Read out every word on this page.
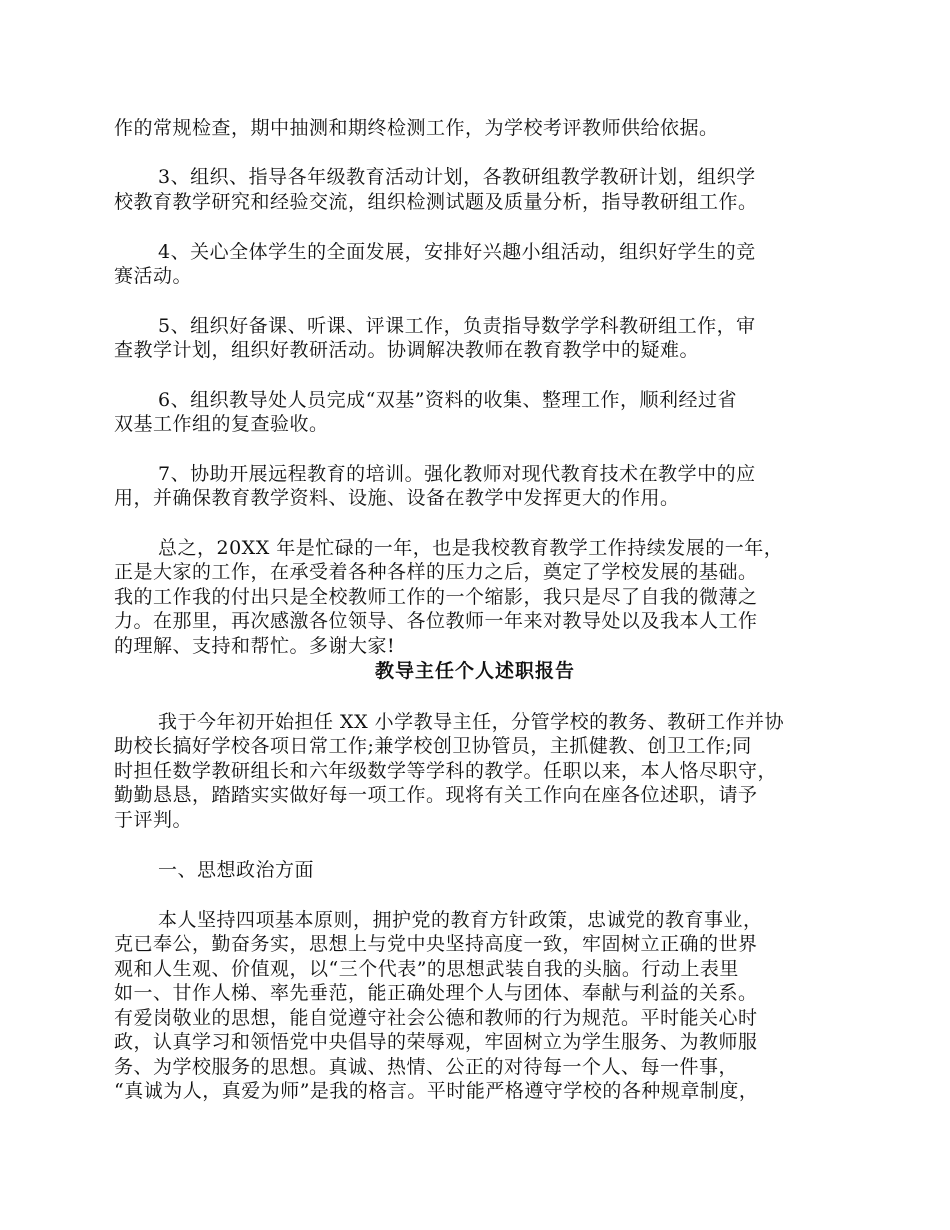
作的常规检查，期中抽测和期终检测工作，为学校考评教师供给依据。
3、组织、指导各年级教育活动计划，各教研组教学教研计划，组织学
校教育教学研究和经验交流，组织检测试题及质量分析，指导教研组工作。
4、关心全体学生的全面发展，安排好兴趣小组活动，组织好学生的竞
赛活动。
5、组织好备课、听课、评课工作，负责指导数学学科教研组工作，审
查教学计划，组织好教研活动。协调解决教师在教育教学中的疑难。
6、组织教导处人员完成“双基”资料的收集、整理工作，顺利经过省
双基工作组的复查验收。
7、协助开展远程教育的培训。强化教师对现代教育技术在教学中的应
用，并确保教育教学资料、设施、设备在教学中发挥更大的作用。
总之，20XX 年是忙碌的一年，也是我校教育教学工作持续发展的一年，
正是大家的工作，在承受着各种各样的压力之后，奠定了学校发展的基础。
我的工作我的付出只是全校教师工作的一个缩影，我只是尽了自我的微薄之
力。在那里，再次感激各位领导、各位教师一年来对教导处以及我本人工作
的理解、支持和帮忙。多谢大家!
教导主任个人述职报告
我于今年初开始担任 XX 小学教导主任，分管学校的教务、教研工作并协
助校长搞好学校各项日常工作;兼学校创卫协管员，主抓健教、创卫工作;同
时担任数学教研组长和六年级数学等学科的教学。任职以来，本人恪尽职守，
勤勤恳恳，踏踏实实做好每一项工作。现将有关工作向在座各位述职，请予
于评判。
一、思想政治方面
本人坚持四项基本原则，拥护党的教育方针政策，忠诚党的教育事业，
克已奉公，勤奋务实，思想上与党中央坚持高度一致，牢固树立正确的世界
观和人生观、价值观，以“三个代表”的思想武装自我的头脑。行动上表里
如一、甘作人梯、率先垂范，能正确处理个人与团体、奉献与利益的关系。
有爱岗敬业的思想，能自觉遵守社会公德和教师的行为规范。平时能关心时
政，认真学习和领悟党中央倡导的荣辱观，牢固树立为学生服务、为教师服
务、为学校服务的思想。真诚、热情、公正的对待每一个人、每一件事，
“真诚为人，真爱为师”是我的格言。平时能严格遵守学校的各种规章制度，
